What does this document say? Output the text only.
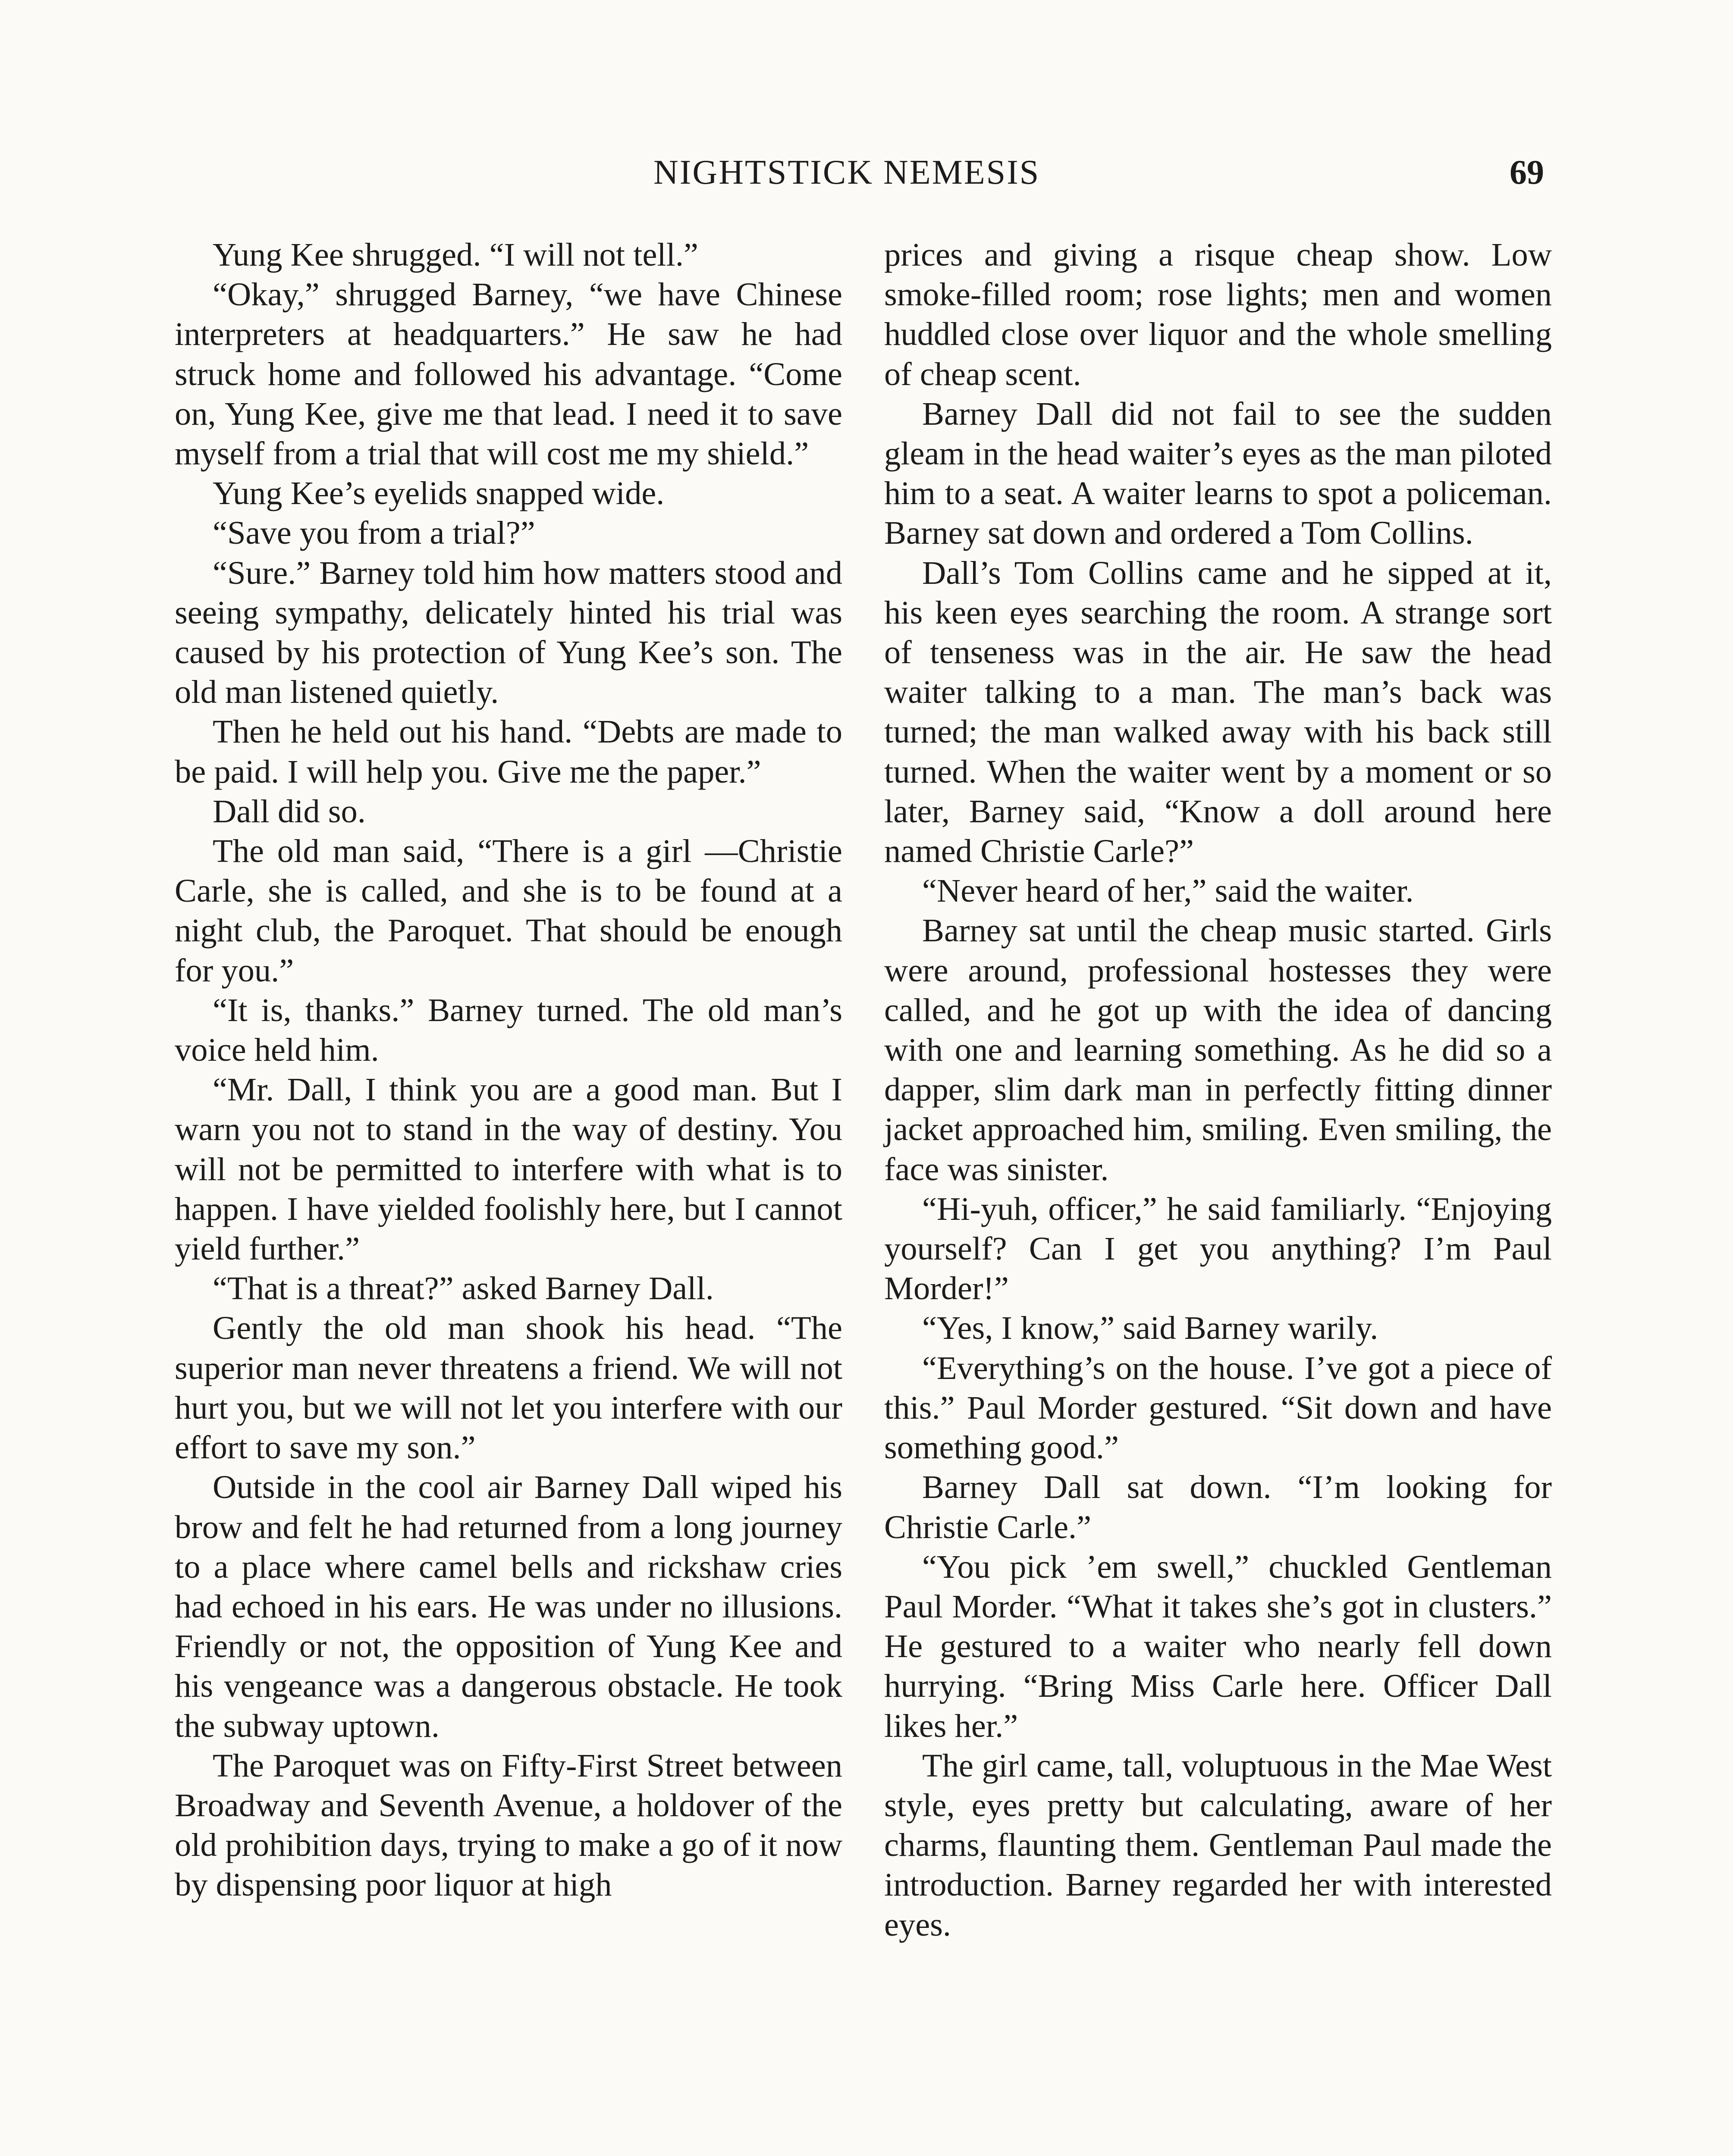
NIGHTSTICK NEMESIS	69

Yung Kee shrugged. “I will not tell.”

“Okay,” shrugged Barney, “we have Chinese interpreters at headquarters.” He saw he had struck home and followed his advantage. “Come on, Yung Kee, give me that lead. I need it to save myself from a trial that will cost me my shield.”

Yung Kee’s eyelids snapped wide.

“Save you from a trial?”

“Sure.” Barney told him how matters stood and seeing sympathy, delicately hinted his trial was caused by his protection of Yung Kee’s son. The old man listened quietly.

Then he held out his hand. “Debts are made to be paid. I will help you. Give me the paper.”

Dall did so.

The old man said, “There is a girl —Christie Carle, she is called, and she is to be found at a night club, the Paroquet. That should be enough for you.”

“It is, thanks.” Barney turned. The old man’s voice held him.

“Mr. Dall, I think you are a good man. But I warn you not to stand in the way of destiny. You will not be permitted to interfere with what is to happen. I have yielded foolishly here, but I cannot yield further.”

“That is a threat?” asked Barney Dall.

Gently the old man shook his head. “The superior man never threatens a friend. We will not hurt you, but we will not let you interfere with our effort to save my son.”

Outside in the cool air Barney Dall wiped his brow and felt he had returned from a long journey to a place where camel bells and rickshaw cries had echoed in his ears. He was under no illusions. Friendly or not, the opposition of Yung Kee and his vengeance was a dangerous obstacle. He took the subway uptown.

The Paroquet was on Fifty-First Street between Broadway and Seventh Avenue, a holdover of the old prohibition days, trying to make a go of it now by dispensing poor liquor at high

prices and giving a risque cheap show. Low smoke-filled room; rose lights; men and women huddled close over liquor and the whole smelling of cheap scent.

Barney Dall did not fail to see the sudden gleam in the head waiter’s eyes as the man piloted him to a seat. A waiter learns to spot a policeman. Barney sat down and ordered a Tom Collins.

Dall’s Tom Collins came and he sipped at it, his keen eyes searching the room. A strange sort of tenseness was in the air. He saw the head waiter talking to a man. The man’s back was turned; the man walked away with his back still turned. When the waiter went by a moment or so later, Barney said, “Know a doll around here named Christie Carle?”

“Never heard of her,” said the waiter.

Barney sat until the cheap music started. Girls were around, professional hostesses they were called, and he got up with the idea of dancing with one and learning something. As he did so a dapper, slim dark man in perfectly fitting dinner jacket approached him, smiling. Even smiling, the face was sinister.

“Hi-yuh, officer,” he said familiarly. “Enjoying yourself? Can I get you anything? I’m Paul Morder!”

“Yes, I know,” said Barney warily.

“Everything’s on the house. I’ve got a piece of this.” Paul Morder gestured. “Sit down and have something good.”

Barney Dall sat down. “I’m looking for Christie Carle.”

“You pick ’em swell,” chuckled Gentleman Paul Morder. “What it takes she’s got in clusters.” He gestured to a waiter who nearly fell down hurrying. “Bring Miss Carle here. Officer Dall likes her.”

The girl came, tall, voluptuous in the Mae West style, eyes pretty but calculating, aware of her charms, flaunting them. Gentleman Paul made the introduction. Barney regarded her with interested eyes.
